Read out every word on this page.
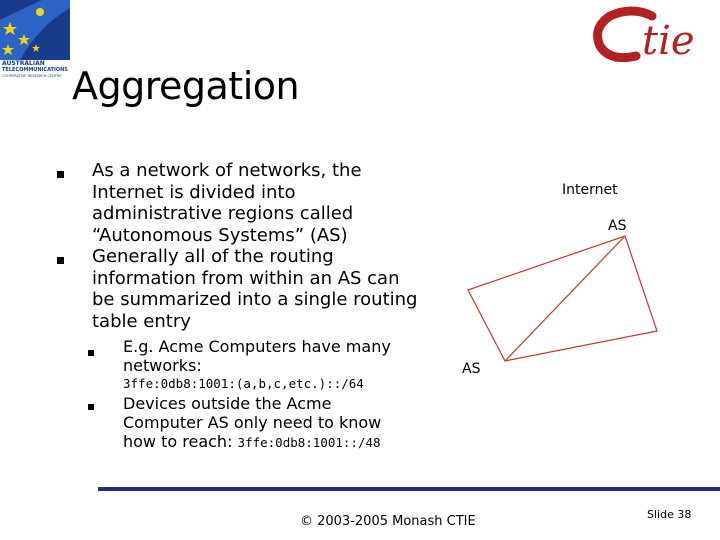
AUSTRALIAN
TELECOMMUNICATIONS
COOPERATIVE RESEARCH CENTRE
tie
Aggregation
As a network of networks, the
Internet is divided into
administrative regions called
“Autonomous Systems” (AS)
Generally all of the routing
information from within an AS can
be summarized into a single routing
table entry
E.g. Acme Computers have many
networks:
3ffe:0db8:1001:(a,b,c,etc.)::/64
Devices outside the Acme
Computer AS only need to know
how to reach: 3ffe:0db8:1001::/48
Internet
AS
AS
© 2003-2005 Monash CTIE	Slide 38
